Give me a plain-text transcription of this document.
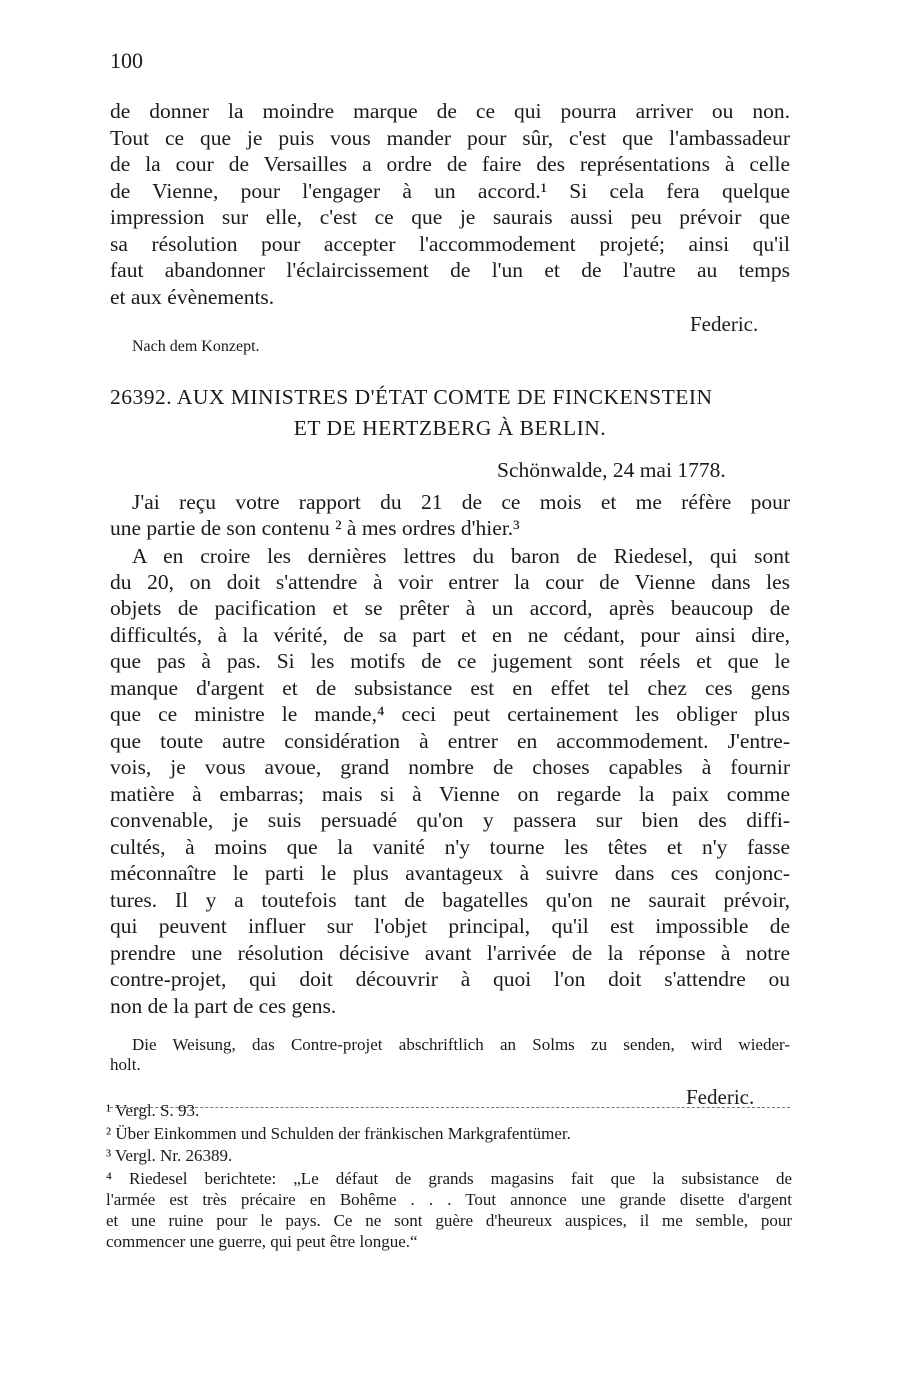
100
de donner la moindre marque de ce qui pourra arriver ou non.
Tout ce que je puis vous mander pour sûr, c'est que l'ambassadeur
de la cour de Versailles a ordre de faire des représentations à celle
de Vienne, pour l'engager à un accord.¹ Si cela fera quelque
impression sur elle, c'est ce que je saurais aussi peu prévoir que
sa résolution pour accepter l'accommodement projeté; ainsi qu'il
faut abandonner l'éclaircissement de l'un et de l'autre au temps
et aux évènements.
Federic.
Nach dem Konzept.
26392. AUX MINISTRES D'ÉTAT COMTE DE FINCKENSTEIN
ET DE HERTZBERG À BERLIN.
Schönwalde, 24 mai 1778.
J'ai reçu votre rapport du 21 de ce mois et me réfère pour
une partie de son contenu ² à mes ordres d'hier.³
A en croire les dernières lettres du baron de Riedesel, qui sont
du 20, on doit s'attendre à voir entrer la cour de Vienne dans les
objets de pacification et se prêter à un accord, après beaucoup de
difficultés, à la vérité, de sa part et en ne cédant, pour ainsi dire,
que pas à pas. Si les motifs de ce jugement sont réels et que le
manque d'argent et de subsistance est en effet tel chez ces gens
que ce ministre le mande,⁴ ceci peut certainement les obliger plus
que toute autre considération à entrer en accommodement. J'entre-
vois, je vous avoue, grand nombre de choses capables à fournir
matière à embarras; mais si à Vienne on regarde la paix comme
convenable, je suis persuadé qu'on y passera sur bien des diffi-
cultés, à moins que la vanité n'y tourne les têtes et n'y fasse
méconnaître le parti le plus avantageux à suivre dans ces conjonc-
tures. Il y a toutefois tant de bagatelles qu'on ne saurait prévoir,
qui peuvent influer sur l'objet principal, qu'il est impossible de
prendre une résolution décisive avant l'arrivée de la réponse à notre
contre-projet, qui doit découvrir à quoi l'on doit s'attendre ou
non de la part de ces gens.
Die Weisung, das Contre-projet abschriftlich an Solms zu senden, wird wieder-
holt.
Federic.
¹ Vergl. S. 93.
² Über Einkommen und Schulden der fränkischen Markgrafentümer.
³ Vergl. Nr. 26389.
⁴ Riedesel berichtete: „Le défaut de grands magasins fait que la subsistance de
l'armée est très précaire en Bohême . . . Tout annonce une grande disette d'argent
et une ruine pour le pays. Ce ne sont guère d'heureux auspices, il me semble, pour
commencer une guerre, qui peut être longue.“
